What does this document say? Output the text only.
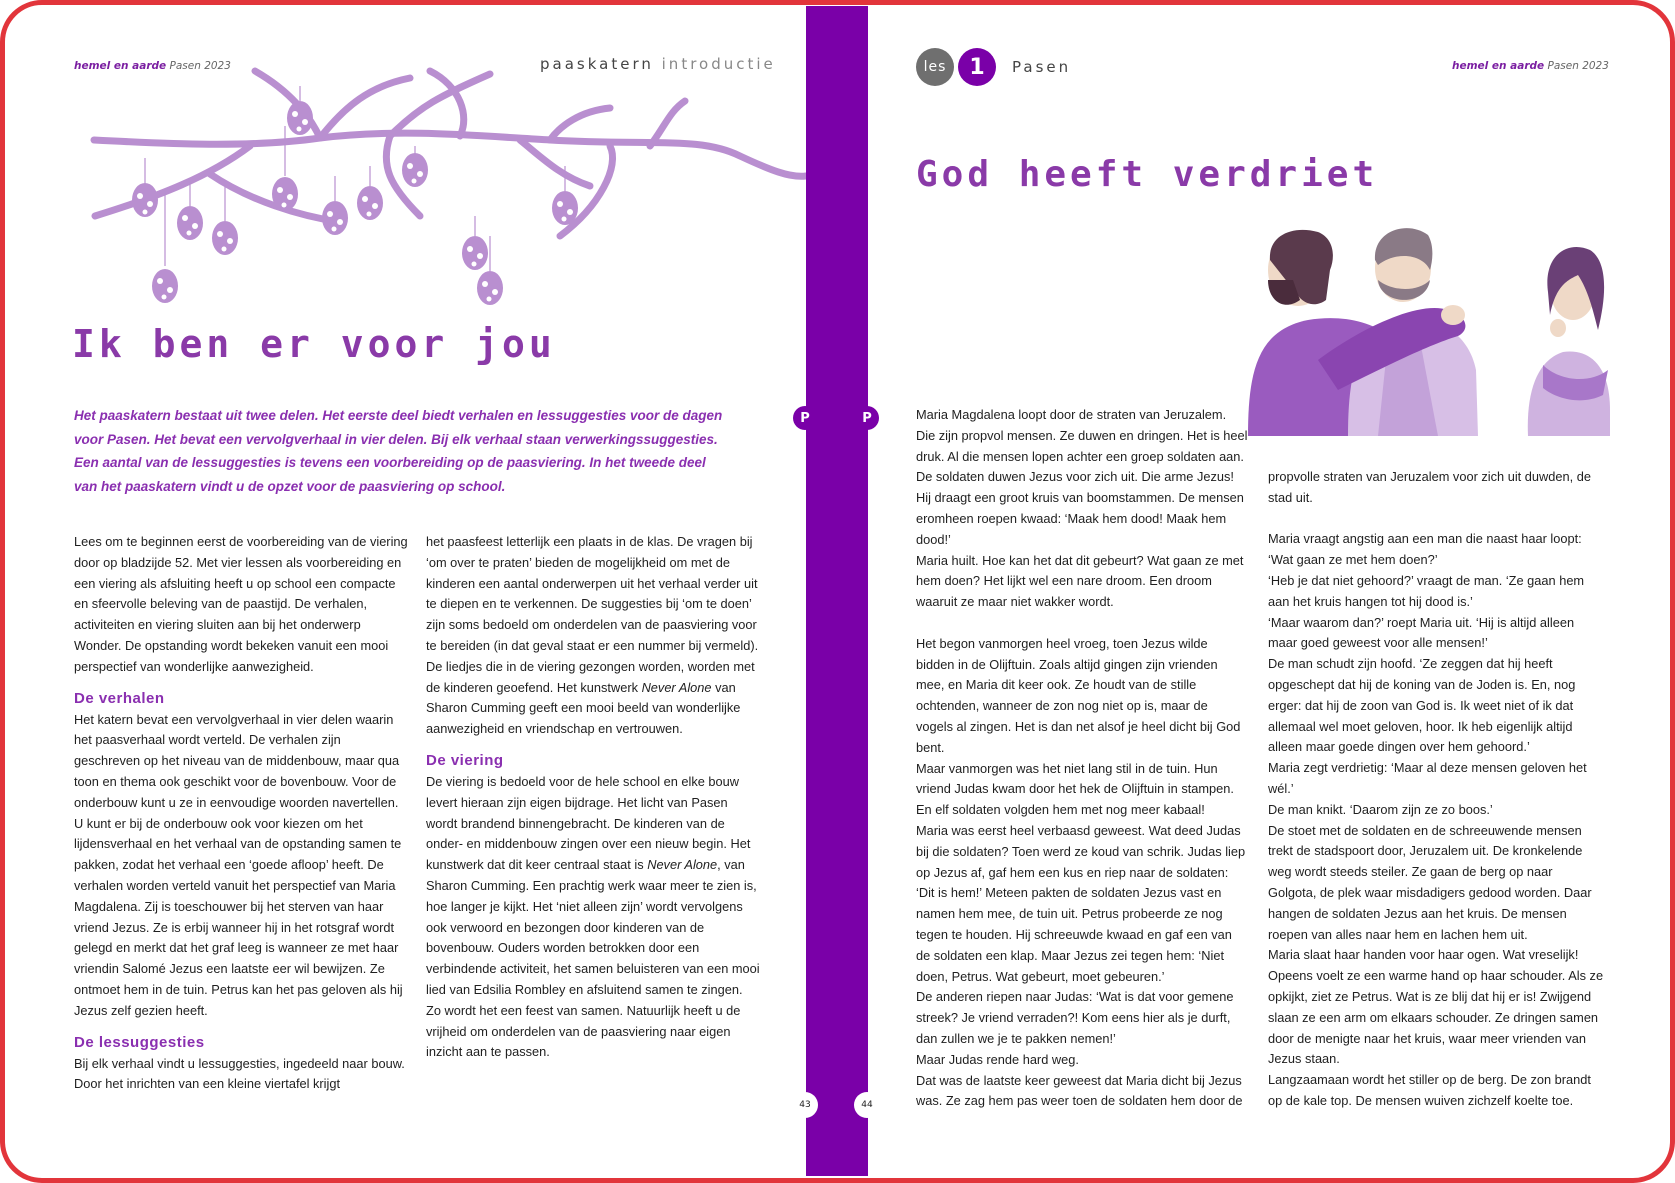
hemel en aarde Pasen 2023	paaskatern introductie
Ik ben er voor jou
Het paaskatern bestaat uit twee delen. Het eerste deel biedt verhalen en lessuggesties voor de dagen voor Pasen. Het bevat een vervolgverhaal in vier delen. Bij elk verhaal staan verwerkingssuggesties. Een aantal van de lessuggesties is tevens een voorbereiding op de paasviering. In het tweede deel van het paaskatern vindt u de opzet voor de paasviering op school.

Lees om te beginnen eerst de voorbereiding van de viering door op bladzijde 52. Met vier lessen als voorbereiding en een viering als afsluiting heeft u op school een compacte en sfeervolle beleving van de paastijd. De verhalen, activiteiten en viering sluiten aan bij het onderwerp Wonder. De opstanding wordt bekeken vanuit een mooi perspectief van wonderlijke aanwezigheid.

De verhalen

Het katern bevat een vervolgverhaal in vier delen waarin het paasverhaal wordt verteld. De verhalen zijn geschreven op het niveau van de middenbouw, maar qua toon en thema ook geschikt voor de bovenbouw. Voor de onderbouw kunt u ze in eenvoudige woorden navertellen. U kunt er bij de onderbouw ook voor kiezen om het lijdensverhaal en het verhaal van de opstanding samen te pakken, zodat het verhaal een ‘goede afloop’ heeft. De verhalen worden verteld vanuit het perspectief van Maria Magdalena. Zij is toeschouwer bij het sterven van haar vriend Jezus. Ze is erbij wanneer hij in het rotsgraf wordt gelegd en merkt dat het graf leeg is wanneer ze met haar vriendin Salomé Jezus een laatste eer wil bewijzen. Ze ontmoet hem in de tuin. Petrus kan het pas geloven als hij Jezus zelf gezien heeft.

De lessuggesties

Bij elk verhaal vindt u lessuggesties, ingedeeld naar bouw. Door het inrichten van een kleine viertafel krijgt

het paasfeest letterlijk een plaats in de klas. De vragen bij ‘om over te praten’ bieden de mogelijkheid om met de kinderen een aantal onderwerpen uit het verhaal verder uit te diepen en te verkennen. De suggesties bij ‘om te doen’ zijn soms bedoeld om onderdelen van de paasviering voor te bereiden (in dat geval staat er een nummer bij vermeld). De liedjes die in de viering gezongen worden, worden met de kinderen geoefend. Het kunstwerk Never Alone van Sharon Cumming geeft een mooi beeld van wonderlijke aanwezigheid en vriendschap en vertrouwen.

De viering

De viering is bedoeld voor de hele school en elke bouw levert hieraan zijn eigen bijdrage. Het licht van Pasen wordt brandend binnengebracht. De kinderen van de onder- en middenbouw zingen over een nieuw begin. Het kunstwerk dat dit keer centraal staat is Never Alone, van Sharon Cumming. Een prachtig werk waar meer te zien is, hoe langer je kijkt. Het ‘niet alleen zijn’ wordt vervolgens ook verwoord en bezongen door kinderen van de bovenbouw. Ouders worden betrokken door een verbindende activiteit, het samen beluisteren van een mooi lied van Edsilia Rombley en afsluitend samen te zingen. Zo wordt het een feest van samen. Natuurlijk heeft u de vrijheid om onderdelen van de paasviering naar eigen inzicht aan te passen.

P
43
les	1	Pasen	hemel en aarde Pasen 2023
God heeft verdriet

Maria Magdalena loopt door de straten van Jeruzalem. Die zijn propvol mensen. Ze duwen en dringen. Het is heel druk. Al die mensen lopen achter een groep soldaten aan. De soldaten duwen Jezus voor zich uit. Die arme Jezus! Hij draagt een groot kruis van boomstammen. De mensen eromheen roepen kwaad: ‘Maak hem dood! Maak hem dood!’

Maria huilt. Hoe kan het dat dit gebeurt? Wat gaan ze met hem doen? Het lijkt wel een nare droom. Een droom waaruit ze maar niet wakker wordt.

Het begon vanmorgen heel vroeg, toen Jezus wilde bidden in de Olijftuin. Zoals altijd gingen zijn vrienden mee, en Maria dit keer ook. Ze houdt van de stille ochtenden, wanneer de zon nog niet op is, maar de vogels al zingen. Het is dan net alsof je heel dicht bij God bent.

Maar vanmorgen was het niet lang stil in de tuin. Hun vriend Judas kwam door het hek de Olijftuin in stampen. En elf soldaten volgden hem met nog meer kabaal!

Maria was eerst heel verbaasd geweest. Wat deed Judas bij die soldaten? Toen werd ze koud van schrik. Judas liep op Jezus af, gaf hem een kus en riep naar de soldaten: ‘Dit is hem!’ Meteen pakten de soldaten Jezus vast en namen hem mee, de tuin uit. Petrus probeerde ze nog tegen te houden. Hij schreeuwde kwaad en gaf een van de soldaten een klap. Maar Jezus zei tegen hem: ‘Niet doen, Petrus. Wat gebeurt, moet gebeuren.’

De anderen riepen naar Judas: ‘Wat is dat voor gemene streek? Je vriend verraden?! Kom eens hier als je durft, dan zullen we je te pakken nemen!’

Maar Judas rende hard weg.

Dat was de laatste keer geweest dat Maria dicht bij Jezus was. Ze zag hem pas weer toen de soldaten hem door de

propvolle straten van Jeruzalem voor zich uit duwden, de stad uit.

Maria vraagt angstig aan een man die naast haar loopt: ‘Wat gaan ze met hem doen?’

‘Heb je dat niet gehoord?’ vraagt de man. ‘Ze gaan hem aan het kruis hangen tot hij dood is.’

‘Maar waarom dan?’ roept Maria uit. ‘Hij is altijd alleen maar goed geweest voor alle mensen!’

De man schudt zijn hoofd. ‘Ze zeggen dat hij heeft opgeschept dat hij de koning van de Joden is. En, nog erger: dat hij de zoon van God is. Ik weet niet of ik dat allemaal wel moet geloven, hoor. Ik heb eigenlijk altijd alleen maar goede dingen over hem gehoord.’

Maria zegt verdrietig: ‘Maar al deze mensen geloven het wél.’

De man knikt. ‘Daarom zijn ze zo boos.’

De stoet met de soldaten en de schreeuwende mensen trekt de stadspoort door, Jeruzalem uit. De kronkelende weg wordt steeds steiler. Ze gaan de berg op naar Golgota, de plek waar misdadigers gedood worden. Daar hangen de soldaten Jezus aan het kruis. De mensen roepen van alles naar hem en lachen hem uit.

Maria slaat haar handen voor haar ogen. Wat vreselijk! Opeens voelt ze een warme hand op haar schouder. Als ze opkijkt, ziet ze Petrus. Wat is ze blij dat hij er is! Zwijgend slaan ze een arm om elkaars schouder. Ze dringen samen door de menigte naar het kruis, waar meer vrienden van Jezus staan.

Langzaamaan wordt het stiller op de berg. De zon brandt op de kale top. De mensen wuiven zichzelf koelte toe.

P
44
